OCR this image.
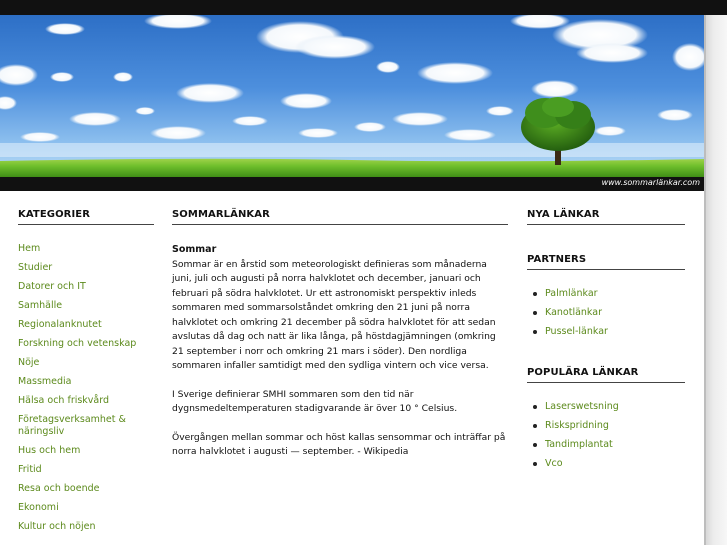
www.sommarlänkar.com
KATEGORIER
Hem
Studier
Datorer och IT
Samhälle
Regionalanknutet
Forskning och vetenskap
Nöje
Massmedia
Hälsa och friskvård
Företagsverksamhet & näringsliv
Hus och hem
Fritid
Resa och boende
Ekonomi
Kultur och nöjen
SOMMARLÄNKAR
Sommar

Sommar är en årstid som meteorologiskt definieras som månaderna juni, juli och augusti på norra halvklotet och december, januari och februari på södra halvklotet. Ur ett astronomiskt perspektiv inleds sommaren med sommarsolståndet omkring den 21 juni på norra halvklotet och omkring 21 december på södra halvklotet för att sedan avslutas då dag och natt är lika långa, på höstdagjämningen (omkring 21 september i norr och omkring 21 mars i söder). Den nordliga sommaren infaller samtidigt med den sydliga vintern och vice versa.

I Sverige definierar SMHI sommaren som den tid när dygnsmedeltemperaturen stadigvarande är över 10 ° Celsius.

Övergången mellan sommar och höst kallas sensommar och inträffar på norra halvklotet i augusti — september. - Wikipedia

NYA LÄNKAR
PARTNERS
Palmlänkar
Kanotlänkar
Pussel-länkar
POPULÄRA LÄNKAR
Laserswetsning
Riskspridning
Tandimplantat
Vco
